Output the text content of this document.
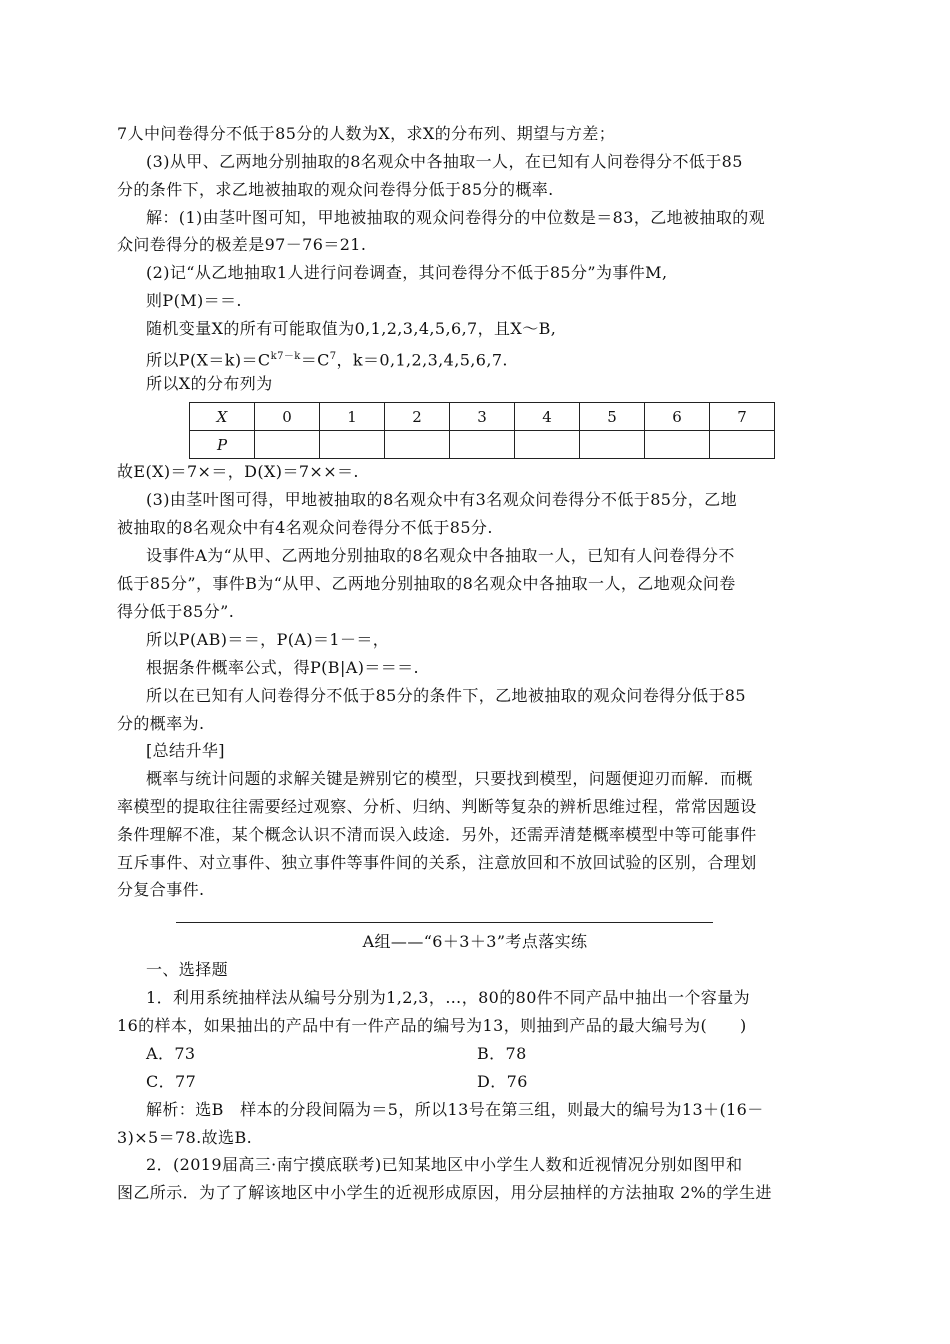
7人中问卷得分不低于85分的人数为X，求X的分布列、期望与方差；
(3)从甲、乙两地分别抽取的8名观众中各抽取一人，在已知有人问卷得分不低于85
分的条件下，求乙地被抽取的观众问卷得分低于85分的概率.
解：(1)由茎叶图可知，甲地被抽取的观众问卷得分的中位数是＝83，乙地被抽取的观
众问卷得分的极差是97－76＝21.
(2)记“从乙地抽取1人进行问卷调查，其问卷得分不低于85分”为事件M,
则P(M)＝＝.
随机变量X的所有可能取值为0,1,2,3,4,5,6,7，且X～B,
所以$P(X=k)=C^{k7-k}=C^7$，k＝0,1,2,3,4,5,6,7.
所以X的分布列为
X	0	1	2	3	4	5	6	7
P								
故E(X)＝7×＝，D(X)＝7××＝.
(3)由茎叶图可得，甲地被抽取的8名观众中有3名观众问卷得分不低于85分，乙地
被抽取的8名观众中有4名观众问卷得分不低于85分.
设事件A为“从甲、乙两地分别抽取的8名观众中各抽取一人，已知有人问卷得分不
低于85分”，事件B为“从甲、乙两地分别抽取的8名观众中各抽取一人，乙地观众问卷
得分低于85分”.
所以P(AB)＝＝，P(A)＝1－＝，
根据条件概率公式，得P(B|A)＝＝＝.
所以在已知有人问卷得分不低于85分的条件下，乙地被抽取的观众问卷得分低于85
分的概率为.
[总结升华]
概率与统计问题的求解关键是辨别它的模型，只要找到模型，问题便迎刃而解．而概
率模型的提取往往需要经过观察、分析、归纳、判断等复杂的辨析思维过程，常常因题设
条件理解不准，某个概念认识不清而误入歧途．另外，还需弄清楚概率模型中等可能事件
互斥事件、对立事件、独立事件等事件间的关系，注意放回和不放回试验的区别，合理划
分复合事件.
A组——“6＋3＋3”考点落实练
一、选择题
1．利用系统抽样法从编号分别为1,2,3，…，80的80件不同产品中抽出一个容量为
16的样本，如果抽出的产品中有一件产品的编号为13，则抽到产品的最大编号为(　　)
A．73	B．78
C．77	D．76
解析：选B　样本的分段间隔为＝5，所以13号在第三组，则最大的编号为13＋(16－
3)×5＝78.故选B.
2．(2019届高三·南宁摸底联考)已知某地区中小学生人数和近视情况分别如图甲和
图乙所示．为了了解该地区中小学生的近视形成原因，用分层抽样的方法抽取 2%的学生进
